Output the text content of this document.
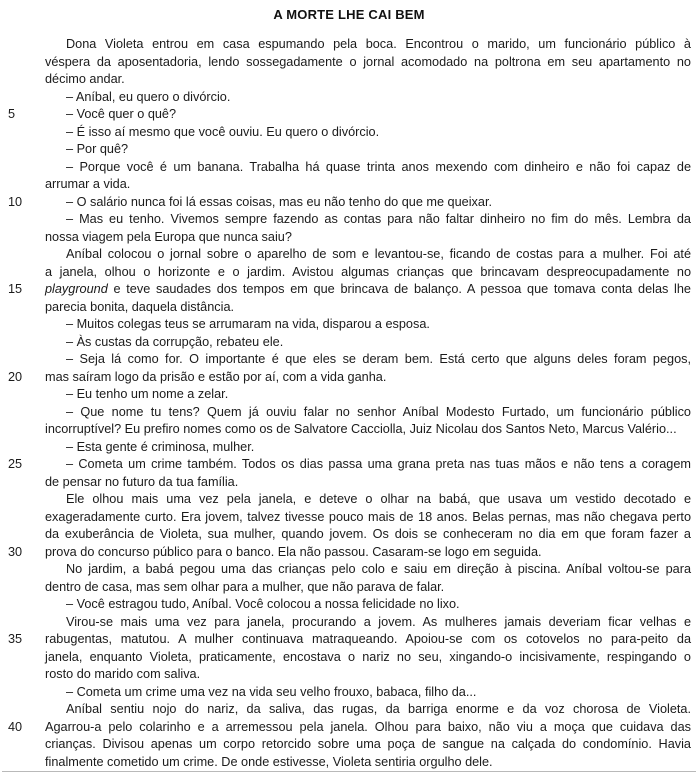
A MORTE LHE CAI BEM
Dona Violeta entrou em casa espumando pela boca. Encontrou o marido, um funcionário público à
véspera da aposentadoria, lendo sossegadamente o jornal acomodado na poltrona em seu apartamento no
décimo andar.
– Aníbal, eu quero o divórcio.
5	– Você quer o quê?
– É isso aí mesmo que você ouviu. Eu quero o divórcio.
– Por quê?
– Porque você é um banana. Trabalha há quase trinta anos mexendo com dinheiro e não foi capaz de
arrumar a vida.
10	– O salário nunca foi lá essas coisas, mas eu não tenho do que me queixar.
– Mas eu tenho. Vivemos sempre fazendo as contas para não faltar dinheiro no fim do mês. Lembra da
nossa viagem pela Europa que nunca saiu?
Aníbal colocou o jornal sobre o aparelho de som e levantou-se, ficando de costas para a mulher. Foi até
a janela, olhou o horizonte e o jardim. Avistou algumas crianças que brincavam despreocupadamente no
15 playground e teve saudades dos tempos em que brincava de balanço. A pessoa que tomava conta delas lhe
parecia bonita, daquela distância.
– Muitos colegas teus se arrumaram na vida, disparou a esposa.
– Às custas da corrupção, rebateu ele.
– Seja lá como for. O importante é que eles se deram bem. Está certo que alguns deles foram pegos,
20 mas saíram logo da prisão e estão por aí, com a vida ganha.
– Eu tenho um nome a zelar.
– Que nome tu tens? Quem já ouviu falar no senhor Aníbal Modesto Furtado, um funcionário público
incorruptível? Eu prefiro nomes como os de Salvatore Cacciolla, Juiz Nicolau dos Santos Neto, Marcus Valério...
– Esta gente é criminosa, mulher.
25	– Cometa um crime também. Todos os dias passa uma grana preta nas tuas mãos e não tens a coragem
de pensar no futuro da tua família.
Ele olhou mais uma vez pela janela, e deteve o olhar na babá, que usava um vestido decotado e
exageradamente curto. Era jovem, talvez tivesse pouco mais de 18 anos. Belas pernas, mas não chegava perto
da exuberância de Violeta, sua mulher, quando jovem. Os dois se conheceram no dia em que foram fazer a
30 prova do concurso público para o banco. Ela não passou. Casaram-se logo em seguida.
No jardim, a babá pegou uma das crianças pelo colo e saiu em direção à piscina. Aníbal voltou-se para
dentro de casa, mas sem olhar para a mulher, que não parava de falar.
– Você estragou tudo, Aníbal. Você colocou a nossa felicidade no lixo.
Virou-se mais uma vez para janela, procurando a jovem. As mulheres jamais deveriam ficar velhas e
35 rabugentas, matutou. A mulher continuava matraqueando. Apoiou-se com os cotovelos no para-peito da
janela, enquanto Violeta, praticamente, encostava o nariz no seu, xingando-o incisivamente, respingando o
rosto do marido com saliva.
– Cometa um crime uma vez na vida seu velho frouxo, babaca, filho da...
Aníbal sentiu nojo do nariz, da saliva, das rugas, da barriga enorme e da voz chorosa de Violeta.
40 Agarrou-a pelo colarinho e a arremessou pela janela. Olhou para baixo, não viu a moça que cuidava das
crianças. Divisou apenas um corpo retorcido sobre uma poça de sangue na calçada do condomínio. Havia
finalmente cometido um crime. De onde estivesse, Violeta sentiria orgulho dele.
